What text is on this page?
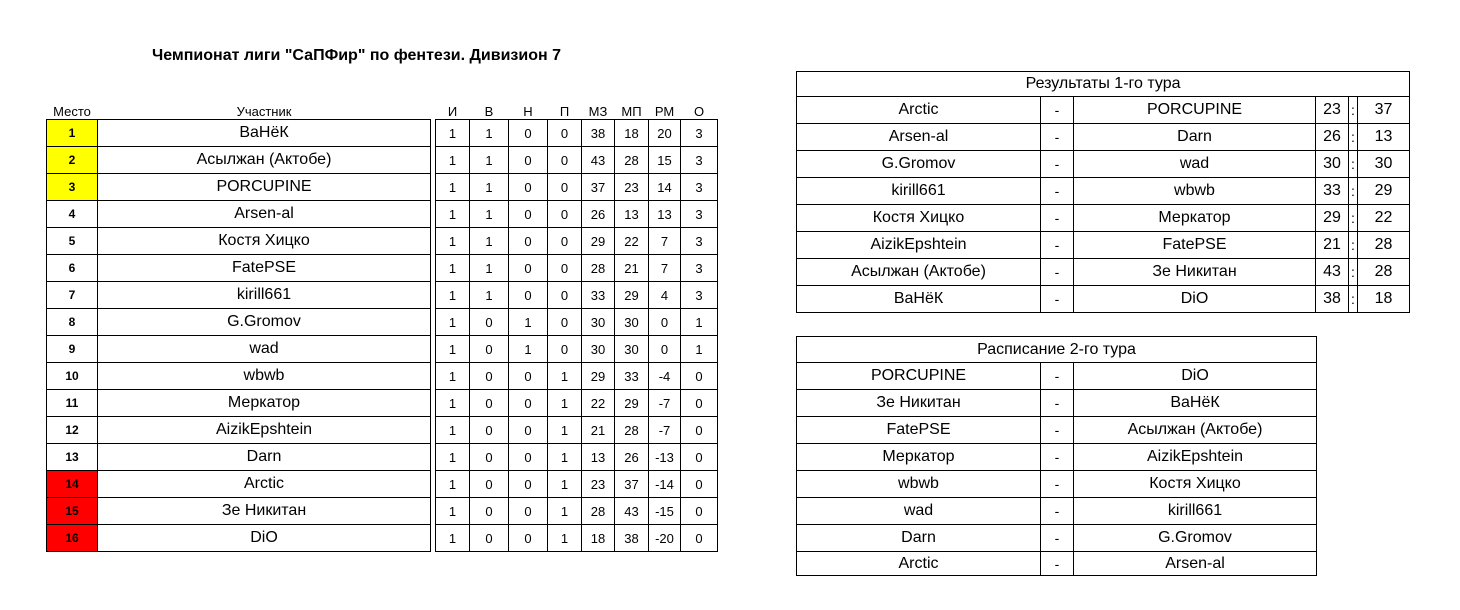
Чемпионат лиги "СаПФир" по фентези. Дивизион 7
Место	Участник		И	В	Н	П	МЗ	МП	РМ	О
1	ВаНёК		1	1	0	0	38	18	20	3
2	Асылжан (Актобе)		1	1	0	0	43	28	15	3
3	PORCUPINE		1	1	0	0	37	23	14	3
4	Arsen-al		1	1	0	0	26	13	13	3
5	Костя Хицко		1	1	0	0	29	22	7	3
6	FatePSE		1	1	0	0	28	21	7	3
7	kirill661		1	1	0	0	33	29	4	3
8	G.Gromov		1	0	1	0	30	30	0	1
9	wad		1	0	1	0	30	30	0	1
10	wbwb		1	0	0	1	29	33	-4	0
11	Меркатор		1	0	0	1	22	29	-7	0
12	AizikEpshtein		1	0	0	1	21	28	-7	0
13	Darn		1	0	0	1	13	26	-13	0
14	Arctic		1	0	0	1	23	37	-14	0
15	Зе Никитан		1	0	0	1	28	43	-15	0
16	DiO		1	0	0	1	18	38	-20	0
Результаты 1-го тура					
Arctic	-	PORCUPINE	23	:	37
Arsen-al	-	Darn	26	:	13
G.Gromov	-	wad	30	:	30
kirill661	-	wbwb	33	:	29
Костя Хицко	-	Меркатор	29	:	22
AizikEpshtein	-	FatePSE	21	:	28
Асылжан (Актобе)	-	Зе Никитан	43	:	28
ВаНёК	-	DiO	38	:	18
Расписание 2-го тура		
PORCUPINE	-	DiO
Зе Никитан	-	ВаНёК
FatePSE	-	Асылжан (Актобе)
Меркатор	-	AizikEpshtein
wbwb	-	Костя Хицко
wad	-	kirill661
Darn	-	G.Gromov
Arctic	-	Arsen-al
